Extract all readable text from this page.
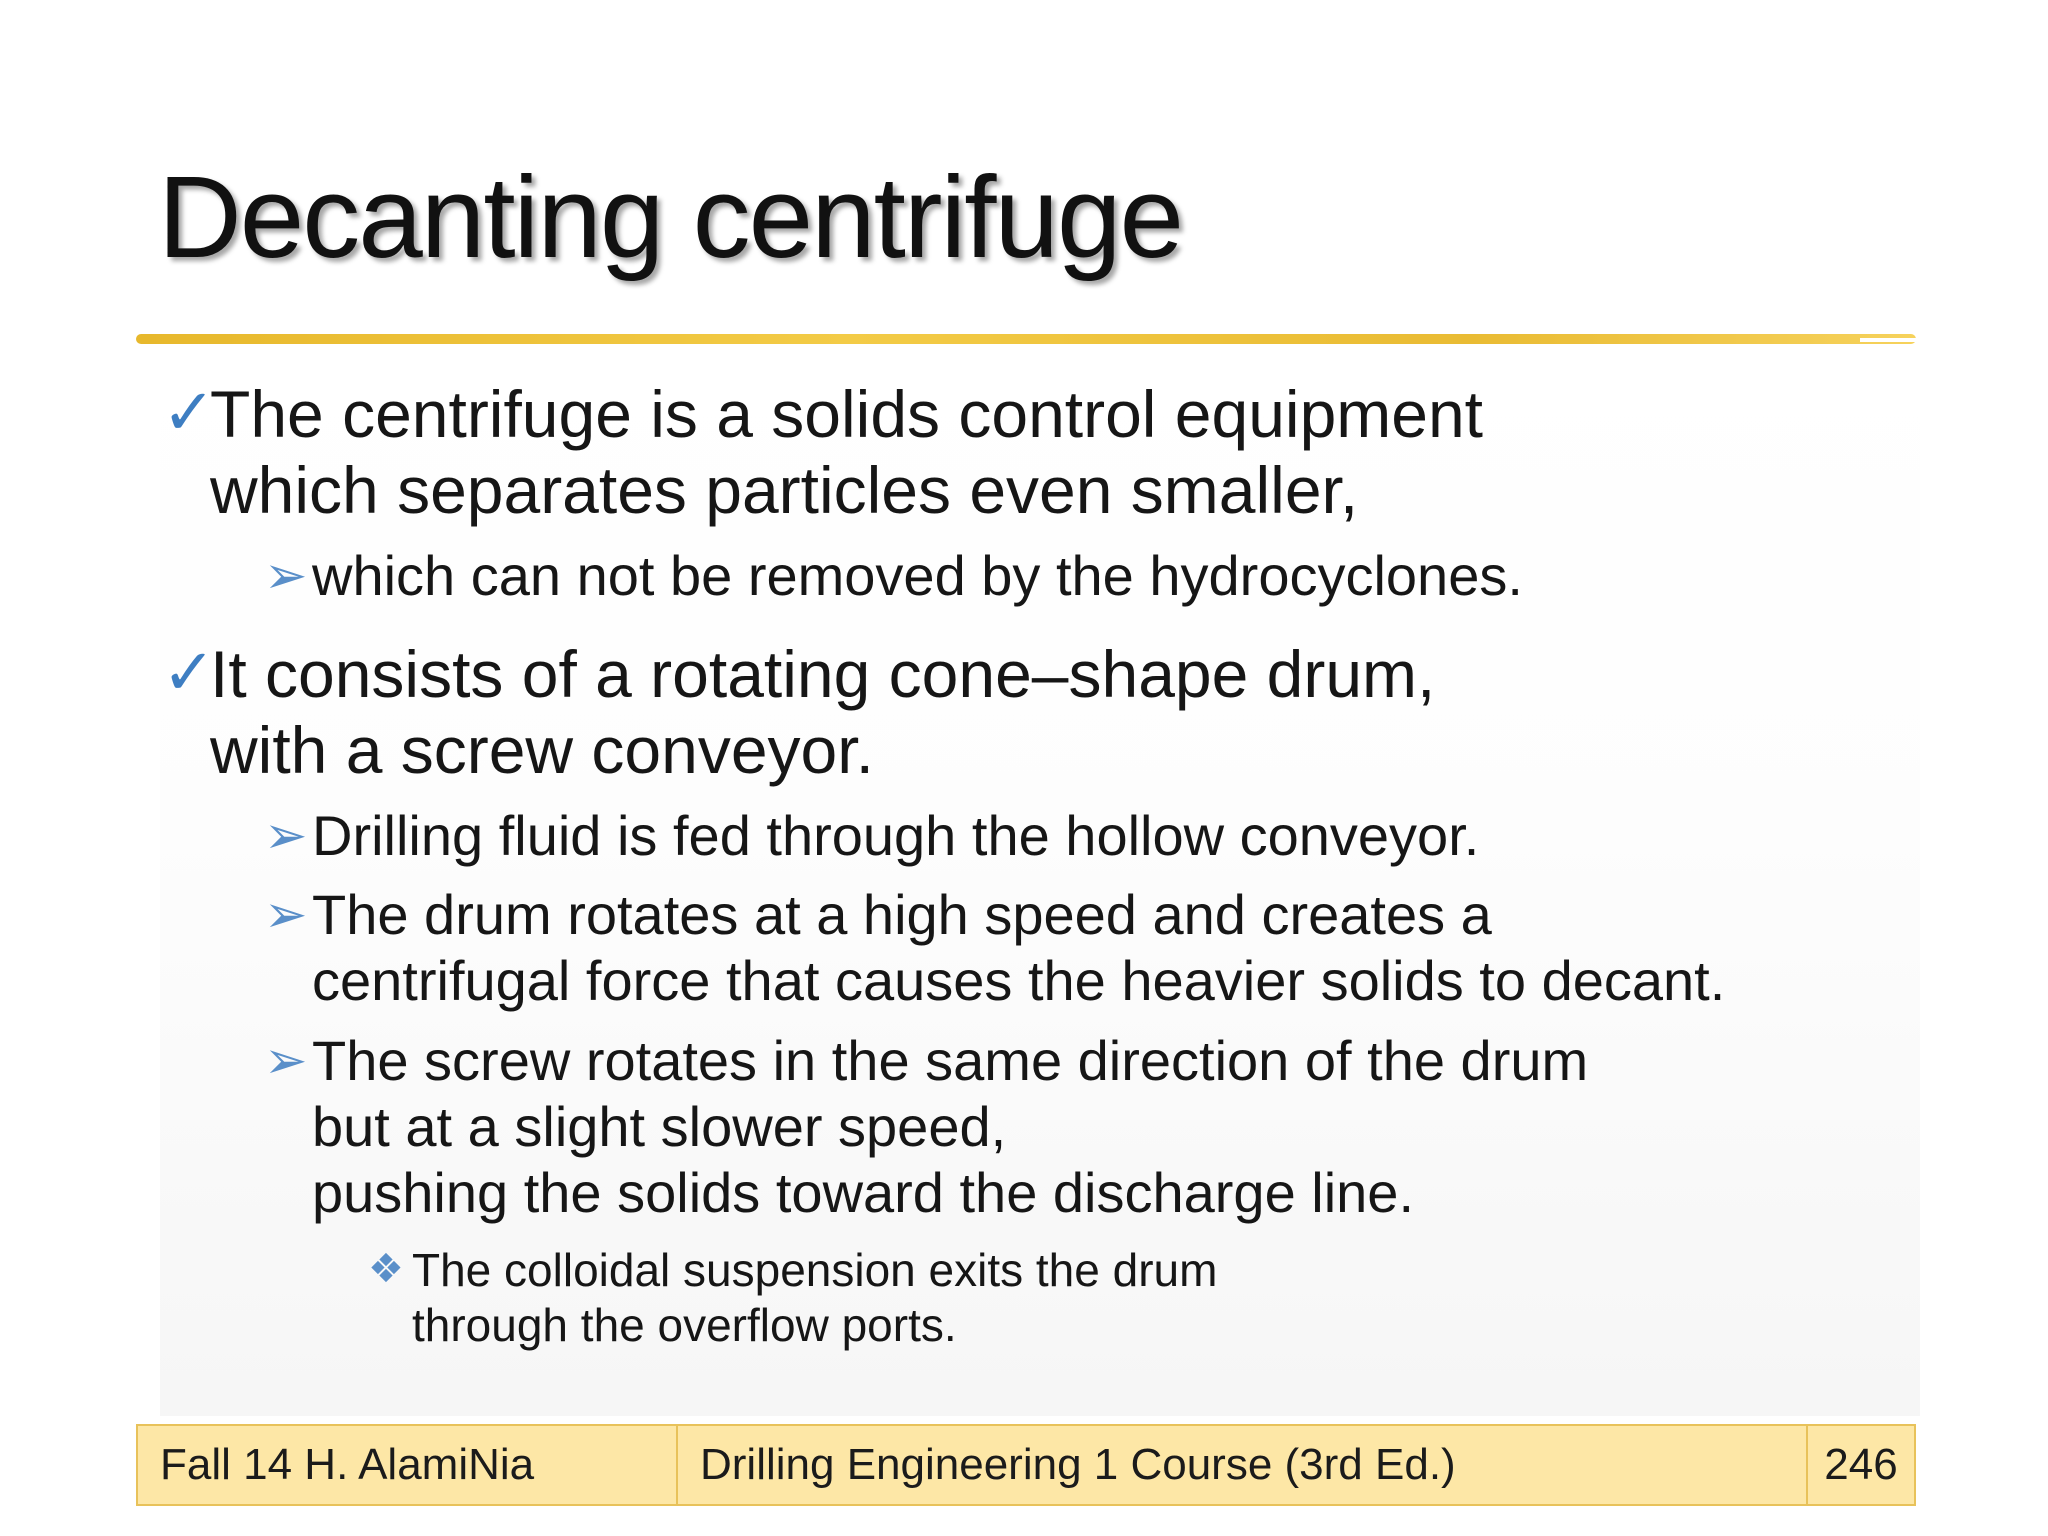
Decanting centrifuge
✓
The centrifuge is a solids control equipment
which separates particles even smaller,
➢ which can not be removed by the hydrocyclones.
✓
It consists of a rotating cone–shape drum,
with a screw conveyor.
➢ Drilling fluid is fed through the hollow conveyor.
➢ The drum rotates at a high speed and creates a
centrifugal force that causes the heavier solids to decant.
➢ The screw rotates in the same direction of the drum
but at a slight slower speed,
pushing the solids toward the discharge line.
❖ The colloidal suspension exits the drum
through the overflow ports.
Fall 14 H. AlamiNia	Drilling Engineering 1 Course (3rd Ed.)	246
